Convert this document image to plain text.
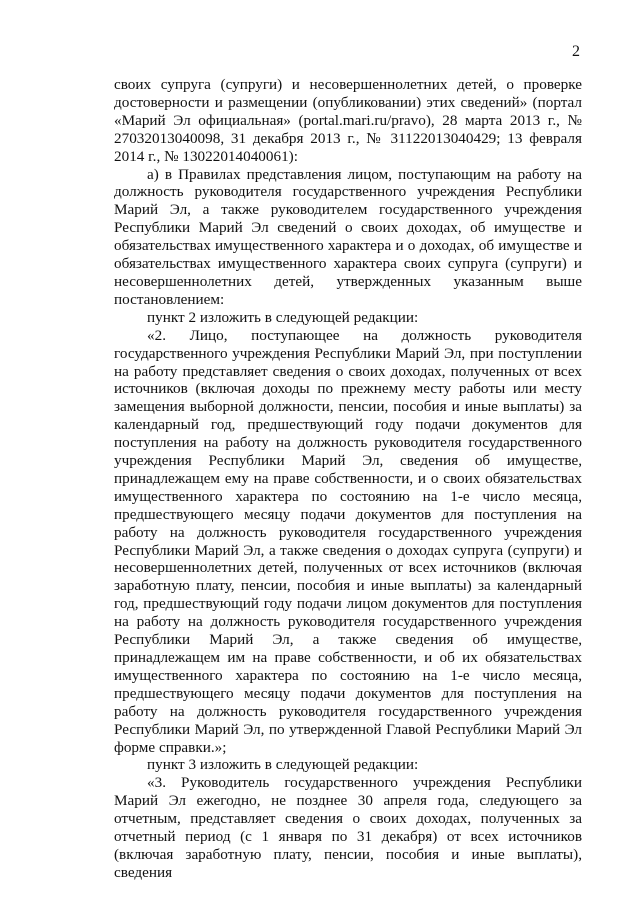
2

своих супруга (супруги) и несовершеннолетних детей, о проверке достоверности и размещении (опубликовании) этих сведений» (портал «Марий Эл официальная» (portal.mari.ru/pravo), 28 марта 2013 г., № 27032013040098, 31 декабря 2013 г., № 31122013040429; 13 февраля 2014 г., № 13022014040061):

а) в Правилах представления лицом, поступающим на работу на должность руководителя государственного учреждения Республики Марий Эл, а также руководителем государственного учреждения Республики Марий Эл сведений о своих доходах, об имуществе и обязательствах имущественного характера и о доходах, об имуществе и обязательствах имущественного характера своих супруга (супруги) и несовершеннолетних детей, утвержденных указанным выше постановлением:

пункт 2 изложить в следующей редакции:

«2. Лицо, поступающее на должность руководителя государственного учреждения Республики Марий Эл, при поступлении на работу представляет сведения о своих доходах, полученных от всех источников (включая доходы по прежнему месту работы или месту замещения выборной должности, пенсии, пособия и иные выплаты) за календарный год, предшествующий году подачи документов для поступления на работу на должность руководителя государственного учреждения Республики Марий Эл, сведения об имуществе, принадлежащем ему на праве собственности, и о своих обязательствах имущественного характера по состоянию на 1-е число месяца, предшествующего месяцу подачи документов для поступления на работу на должность руководителя государственного учреждения Республики Марий Эл, а также сведения о доходах супруга (супруги) и несовершеннолетних детей, полученных от всех источников (включая заработную плату, пенсии, пособия и иные выплаты) за календарный год, предшествующий году подачи лицом документов для поступления на работу на должность руководителя государственного учреждения Республики Марий Эл, а также сведения об имуществе, принадлежащем им на праве собственности, и об их обязательствах имущественного характера по состоянию на 1-е число месяца, предшествующего месяцу подачи документов для поступления на работу на должность руководителя государственного учреждения Республики Марий Эл, по утвержденной Главой Республики Марий Эл форме справки.»;

пункт 3 изложить в следующей редакции:

«3. Руководитель государственного учреждения Республики Марий Эл ежегодно, не позднее 30 апреля года, следующего за отчетным, представляет сведения о своих доходах, полученных за отчетный период (с 1 января по 31 декабря) от всех источников (включая заработную плату, пенсии, пособия и иные выплаты), сведения
